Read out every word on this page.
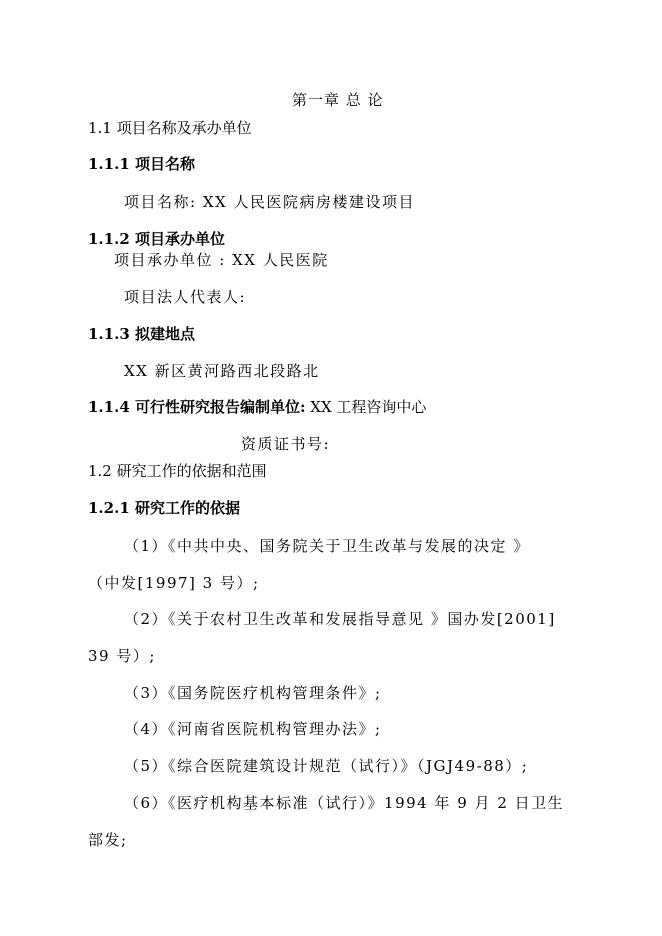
第一章 总 论
1.1 项目名称及承办单位
1.1.1 项目名称
项目名称: XX 人民医院病房楼建设项目
1.1.2 项目承办单位
项目承办单位 : XX 人民医院
项目法人代表人:
1.1.3 拟建地点
XX 新区黄河路西北段路北
1.1.4 可行性研究报告编制单位: XX 工程咨询中心
资质证书号:
1.2 研究工作的依据和范围
1.2.1 研究工作的依据
（1）《中共中央、国务院关于卫生改革与发展的决定 》
（中发[1997] 3 号）;
（2）《关于农村卫生改革和发展指导意见 》国办发[2001]
39 号）;
（3）《国务院医疗机构管理条件》;
（4）《河南省医院机构管理办法》;
（5）《综合医院建筑设计规范（试行）》（JGJ49-88）;
（6）《医疗机构基本标准（试行）》1994 年 9 月 2 日卫生
部发;
